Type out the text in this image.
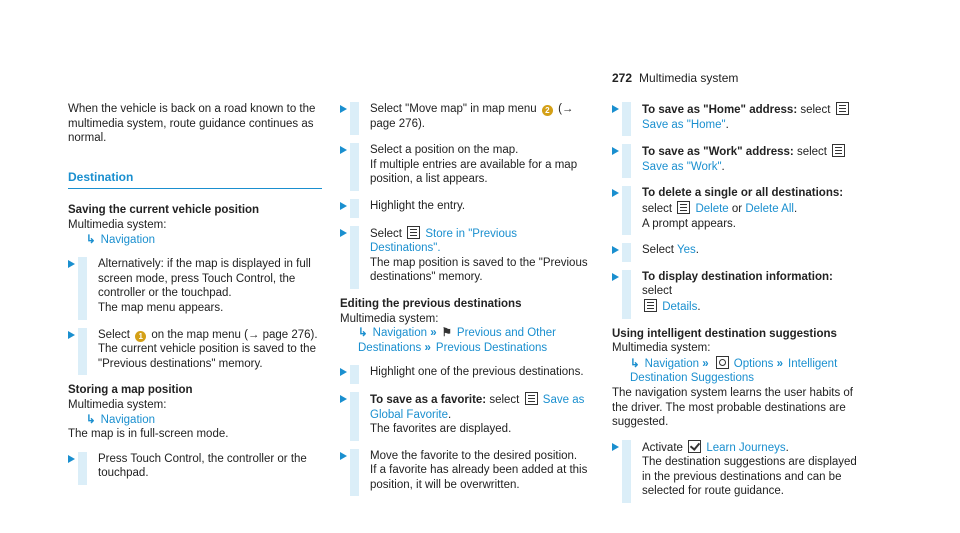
272 Multimedia system

When the vehicle is back on a road known to the multimedia system, route guidance continues as normal.

Destination
Saving the current vehicle position
Multimedia system:
↳ Navigation
Alternatively: if the map is displayed in full screen mode, press Touch Control, the controller or the touchpad.
The map menu appears.
Select 1 on the map menu (→ page 276).
The current vehicle position is saved to the "Previous destinations" memory.
Storing a map position
Multimedia system:
↳ Navigation
The map is in full-screen mode.
Press Touch Control, the controller or the touchpad.
Select "Move map" in map menu 2 (→ page 276).
Select a position on the map.
If multiple entries are available for a map position, a list appears.
Highlight the entry.
Select Store in "Previous Destinations".
The map position is saved to the "Previous destinations" memory.
Editing the previous destinations
Multimedia system:
↳ Navigation » ⚑ Previous and Other Destinations » Previous Destinations
Highlight one of the previous destinations.
To save as a favorite: select Save as Global Favorite.
The favorites are displayed.
Move the favorite to the desired position.
If a favorite has already been added at this position, it will be overwritten.
To save as "Home" address: select
Save as "Home".
To save as "Work" address: select
Save as "Work".
To delete a single or all destinations:
select Delete or Delete All.
A prompt appears.
Select Yes.
To display destination information: select
Details.
Using intelligent destination suggestions
Multimedia system:
↳ Navigation » Options » Intelligent Destination Suggestions
The navigation system learns the user habits of the driver. The most probable destinations are suggested.
Activate Learn Journeys.
The destination suggestions are displayed in the previous destinations and can be selected for route guidance.
